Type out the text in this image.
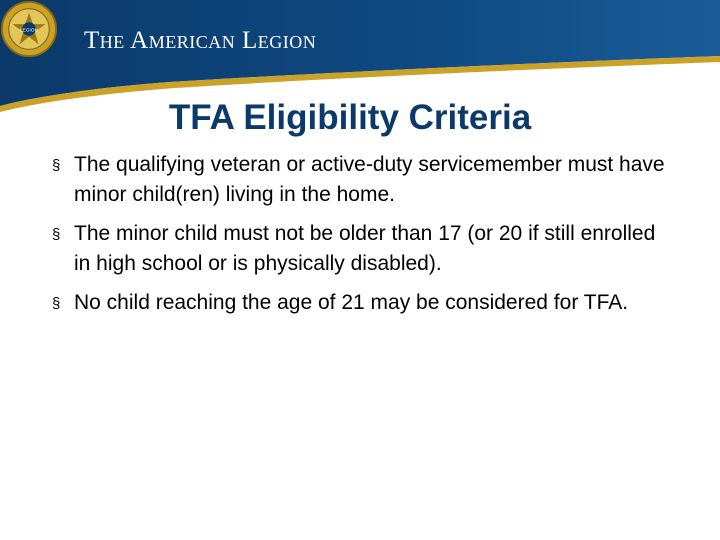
LEGION The American Legion
TFA Eligibility Criteria
§ The qualifying veteran or active-duty servicemember must have minor child(ren) living in the home.
§ The minor child must not be older than 17 (or 20 if still enrolled in high school or is physically disabled).
§ No child reaching the age of 21 may be considered for TFA.
